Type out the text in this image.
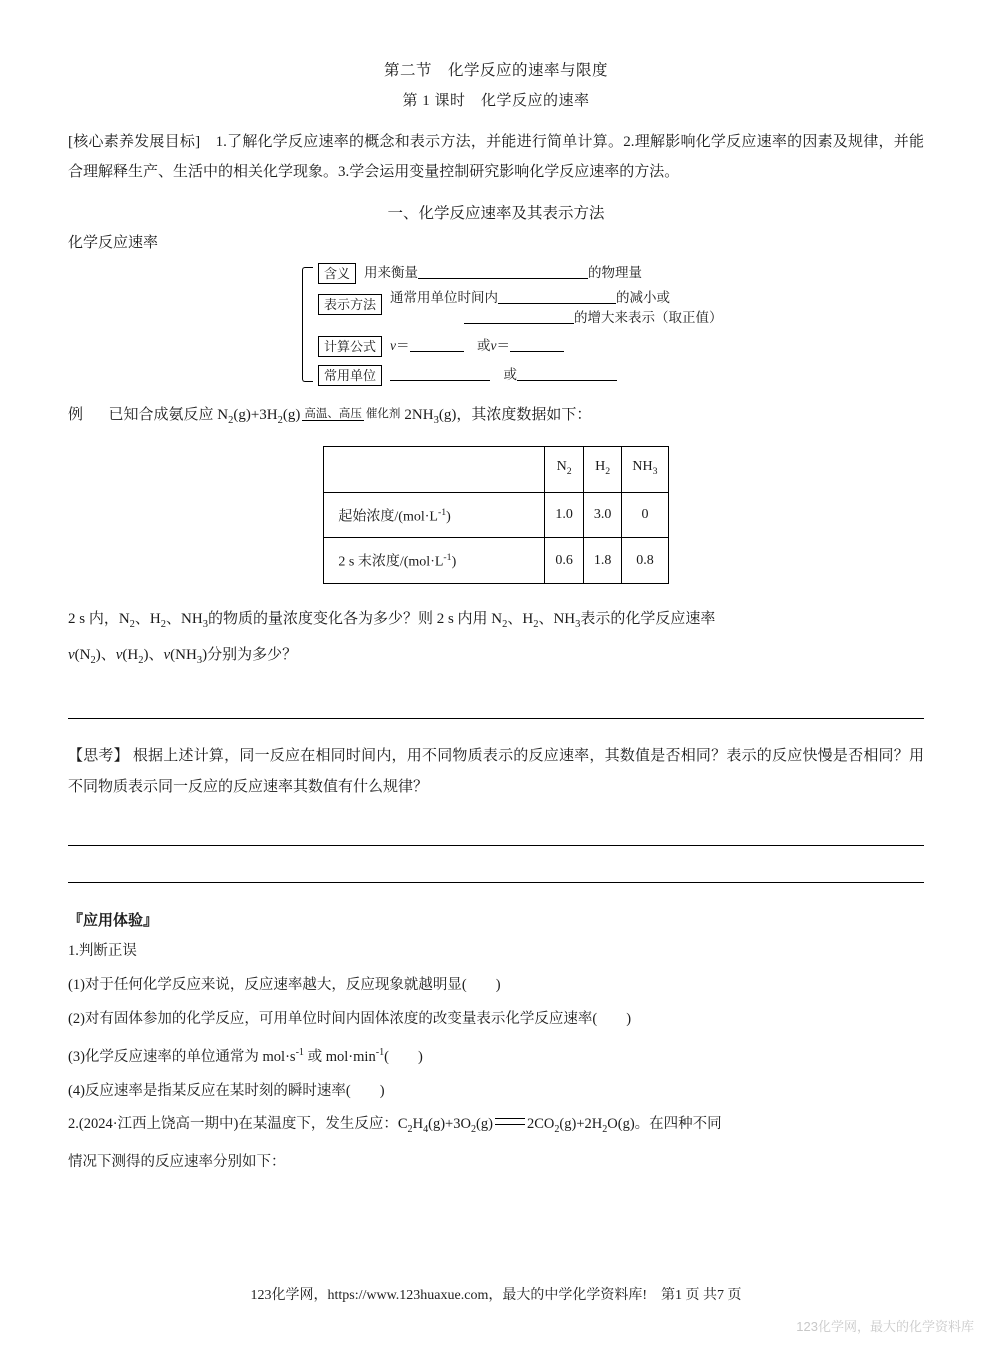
第二节　化学反应的速率与限度
第 1 课时　化学反应的速率
[核心素养发展目标]　1.了解化学反应速率的概念和表示方法，并能进行简单计算。2.理解影响化学反应速率的因素及规律，并能合理解释生产、生活中的相关化学现象。3.学会运用变量控制研究影响化学反应速率的方法。
一、化学反应速率及其表示方法
化学反应速率
含义	用来衡量	的物理量
表示方法	通常用单位时间内	的减小或
的增大来表示（取正值）
计算公式	v＝	　或v＝
常用单位	　或
例 已知合成氨反应 $N_2(g)+3H_2(g)$ 高温、高压 催化剂 $2NH_3(g)$，其浓度数据如下：
	$N_2$	$H_2$	$NH_3$
起始浓度$/(mol\cdot L^{-1})$	1.0	3.0	0
2 s 末浓度$/(mol\cdot L^{-1})$	0.6	1.8	0.8
2 s 内，$N_2$、$H_2$、$NH_3$的物质的量浓度变化各为多少？则 2 s 内用 $N_2$、$H_2$、$NH_3$表示的化学反应速率
$v(N_2)$、$v(H_2)$、$v(NH_3)$分别为多少？
【思考】 根据上述计算，同一反应在相同时间内，用不同物质表示的反应速率，其数值是否相同？表示的反应快慢是否相同？用不同物质表示同一反应的反应速率其数值有什么规律？
『应用体验』
1.判断正误
(1)对于任何化学反应来说，反应速率越大，反应现象就越明显(　　)
(2)对有固体参加的化学反应，可用单位时间内固体浓度的改变量表示化学反应速率(　　)
(3)化学反应速率的单位通常为 $mol\cdot s^{-1}$ 或 $mol\cdot\min^{-1}$(　　)
(4)反应速率是指某反应在某时刻的瞬时速率(　　)
2.(2024·江西上饶高一期中)在某温度下，发生反应：$C_2H_4(g)+3O_2(g)$ $2CO_2(g)+2H_2O(g)$。在四种不同
情况下测得的反应速率分别如下：
123化学网，https://www.123huaxue.com，最大的中学化学资料库!　第1 页 共7 页
123化学网，最大的化学资料库
